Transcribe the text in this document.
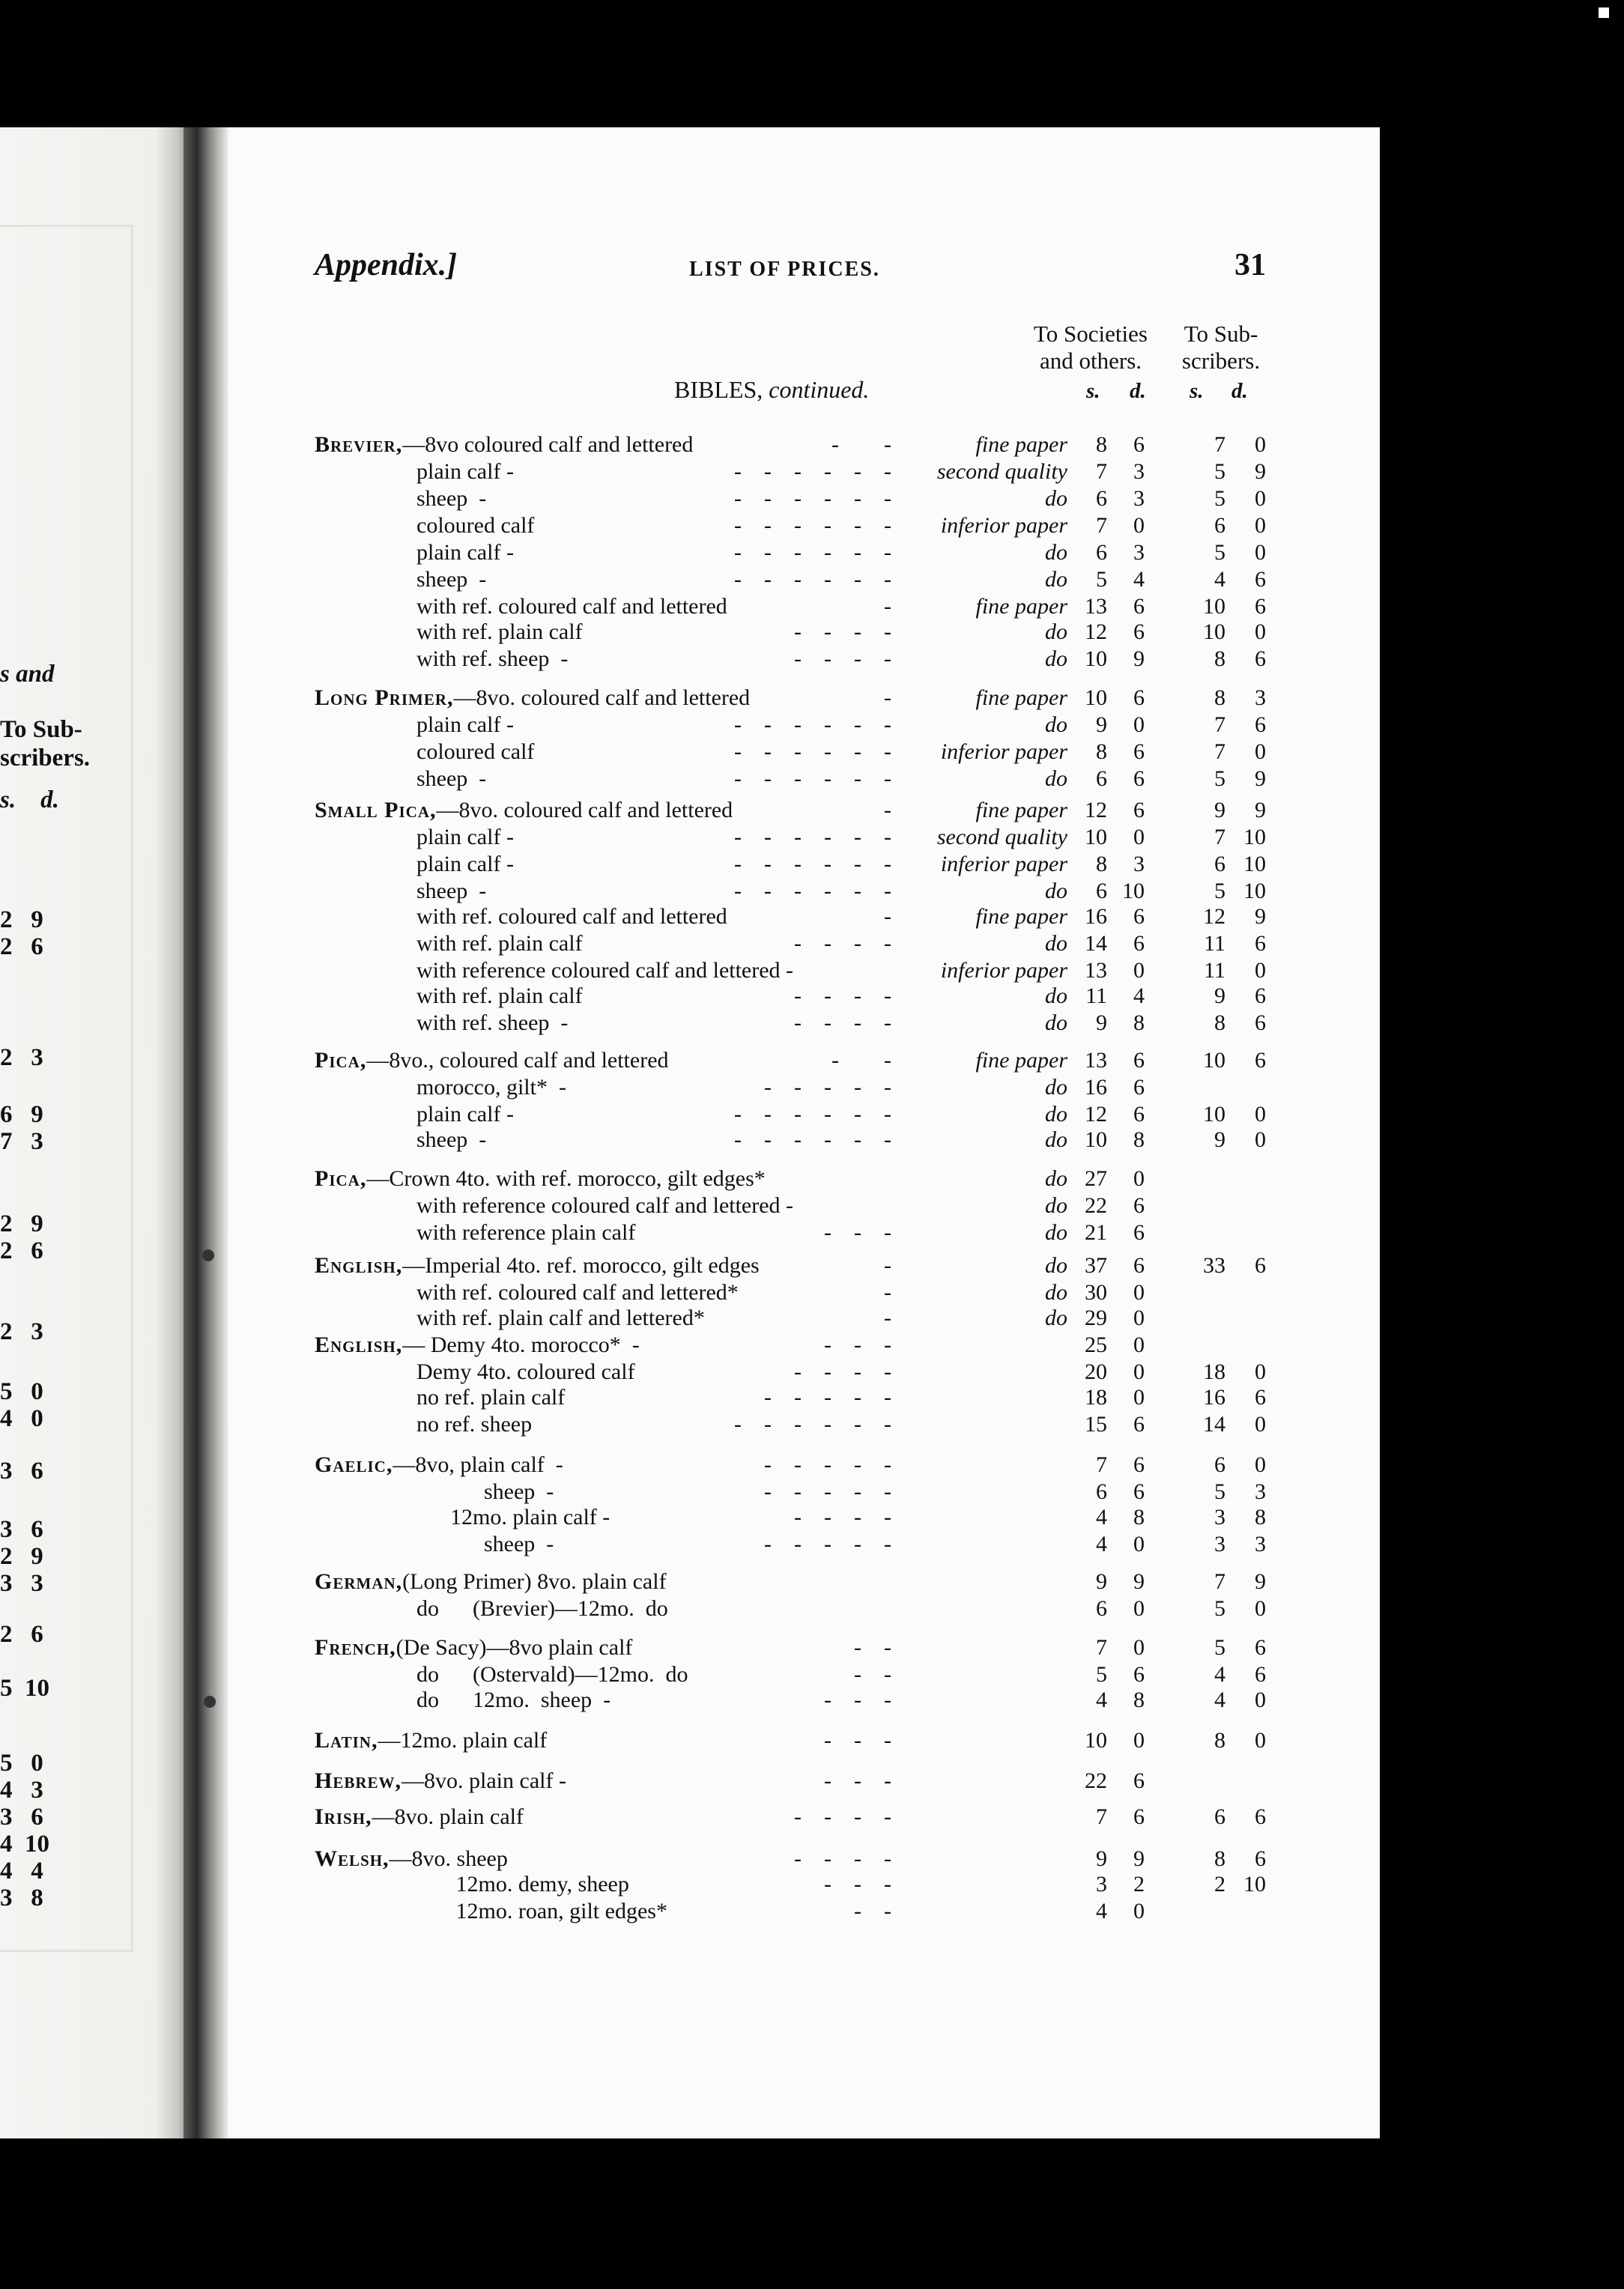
s and
To Sub-
scribers.
s.    d.
2   9
2   6
2   3
6   9
7   3
2   9
2   6
2   3
5   0
4   0
3   6
3   6
2   9
3   3
2   6
5  10
5   0
4   3
3   6
4  10
4   4
3   8
Appendix.]	LIST OF PRICES.	31
To Societies
and others.
To Sub-
scribers.
s. d. s. d.
BIBLES, continued.
Brevier,—8vo coloured calf and lettered	-        -	fine paper	8	6	7	0
plain calf -	-    -    -    -    -    - second quality	7	3	5	9
sheep  -	-    -    -    -    -    -	do	6	3	5	0
coloured calf	-    -    -    -    -    - inferior paper	7	0	6	0
plain calf -	-    -    -    -    -    -	do	6	3	5	0
sheep  -	-    -    -    -    -    -	do	5	4	4	6
with ref. coloured calf and lettered	-	fine paper 13	6	10	6
with ref. plain calf	-    -    -    -	do 12	6	10	0
with ref. sheep  -	-    -    -    -	do 10	9	8	6
Long Primer,—8vo. coloured calf and lettered	-	fine paper 10	6	8	3
plain calf -	-    -    -    -    -    -	do	9	0	7	6
coloured calf	-    -    -    -    -    - inferior paper	8	6	7	0
sheep  -	-    -    -    -    -    -	do	6	6	5	9
Small Pica,—8vo. coloured calf and lettered	-	fine paper 12	6	9	9
plain calf -	-    -    -    -    -    - second quality 10	0	7 10
plain calf -	-    -    -    -    -    - inferior paper	8	3	6 10
sheep  -	-    -    -    -    -    -	do	6 10	5 10
with ref. coloured calf and lettered	-	fine paper 16	6	12	9
with ref. plain calf	-    -    -    -	do 14	6	11	6
with reference coloured calf and lettered -	inferior paper 13	0	11	0
with ref. plain calf	-    -    -    -	do 11	4	9	6
with ref. sheep  -	-    -    -    -	do	9	8	8	6
Pica,—8vo., coloured calf and lettered	-        -	fine paper 13	6	10	6
morocco, gilt*  -	-    -    -    -    -	do 16	6
plain calf -	-    -    -    -    -    -	do 12	6	10	0
sheep  -	-    -    -    -    -    -	do 10	8	9	0
Pica,—Crown 4to. with ref. morocco, gilt edges*	do 27	0
with reference coloured calf and lettered -	do 22	6
with reference plain calf	-    -    -	do 21	6
English,—Imperial 4to. ref. morocco, gilt edges	-	do 37	6	33	6
with ref. coloured calf and lettered*	-	do 30	0
with ref. plain calf and lettered*	-	do 29	0
English,— Demy 4to. morocco*  -	-    -    -	25	0
Demy 4to. coloured calf	-    -    -    -	20	0	18	0
no ref. plain calf	-    -    -    -    -	18	0	16	6
no ref. sheep	-    -    -    -    -    -	15	6	14	0
Gaelic,—8vo, plain calf  -	-    -    -    -    -	7	6	6	0
sheep  -	-    -    -    -    -	6	6	5	3
12mo. plain calf -	-    -    -    -	4	8	3	8
sheep  -	-    -    -    -    -	4	0	3	3
German,(Long Primer) 8vo. plain calf	9	9	7	9
do      (Brevier)—12mo.  do	6	0	5	0
French,(De Sacy)—8vo plain calf	-    -	7	0	5	6
do      (Ostervald)—12mo.  do	-    -	5	6	4	6
do      12mo.  sheep  -	-    -    -	4	8	4	0
Latin,—12mo. plain calf	-    -    -	10	0	8	0
Hebrew,—8vo. plain calf -	-    -    -	22	6
Irish,—8vo. plain calf	-    -    -    -	7	6	6	6
Welsh,—8vo. sheep	-    -    -    -	9	9	8	6
12mo. demy, sheep	-    -    -	3	2	2 10
12mo. roan, gilt edges*	-    -	4	0
